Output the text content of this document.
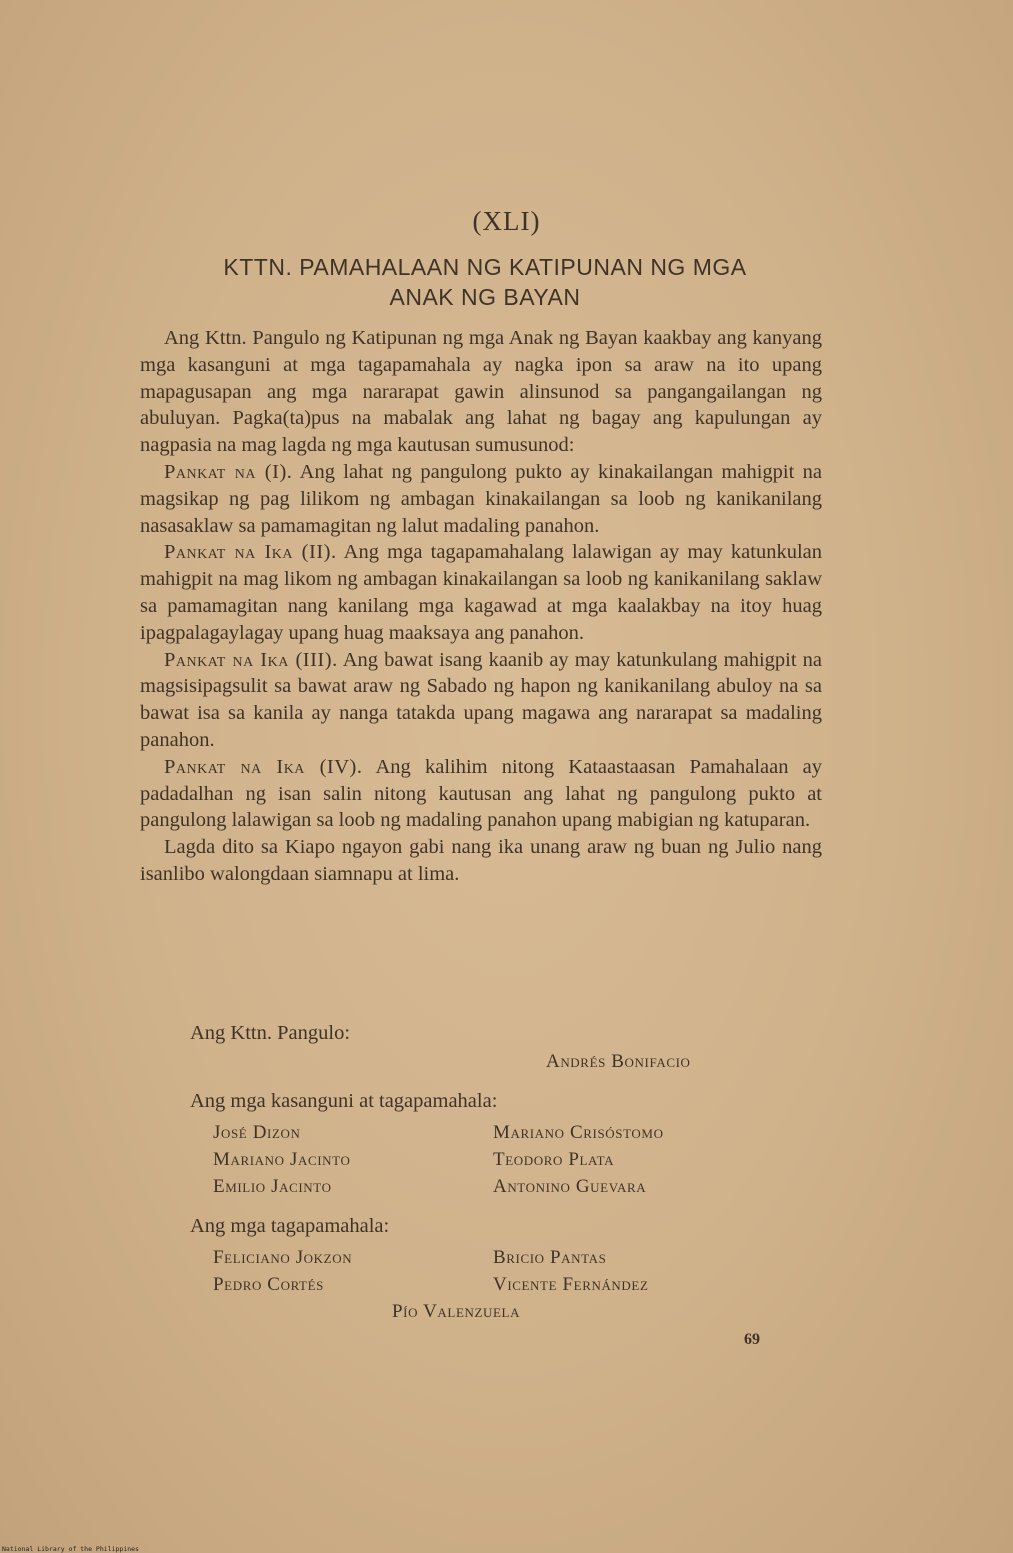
(XLI)
KTTN. PAMAHALAAN NG KATIPUNAN NG MGA
ANAK NG BAYAN

Ang Kttn. Pangulo ng Katipunan ng mga Anak ng Bayan kaakbay ang kanyang mga kasanguni at mga tagapamahala ay nagka ipon sa araw na ito upang mapagusapan ang mga nararapat gawin alinsunod sa pangangailangan ng abuluyan. Pagka(ta)pus na mabalak ang lahat ng bagay ang kapulungan ay nagpasia na mag lagda ng mga kautusan sumusunod:

Pankat na (I). Ang lahat ng pangulong pukto ay kinakailangan mahigpit na magsikap ng pag lilikom ng ambagan kinakailangan sa loob ng kanikanilang nasasaklaw sa pamamagitan ng lalut madaling panahon.

Pankat na Ika (II). Ang mga tagapamahalang lalawigan ay may katunkulan mahigpit na mag likom ng ambagan kinakailangan sa loob ng kanikanilang saklaw sa pamamagitan nang kanilang mga kagawad at mga kaalakbay na itoy huag ipagpalagaylagay upang huag maaksaya ang panahon.

Pankat na Ika (III). Ang bawat isang kaanib ay may katunkulang mahigpit na magsisipagsulit sa bawat araw ng Sabado ng hapon ng kanikanilang abuloy na sa bawat isa sa kanila ay nanga tatakda upang magawa ang nararapat sa madaling panahon.

Pankat na Ika (IV). Ang kalihim nitong Kataastaasan Pamahalaan ay padadalhan ng isan salin nitong kautusan ang lahat ng pangulong pukto at pangulong lalawigan sa loob ng madaling panahon upang mabigian ng katuparan.

Lagda dito sa Kiapo ngayon gabi nang ika unang araw ng buan ng Julio nang isanlibo walongdaan siamnapu at lima.

Ang Kttn. Pangulo:
Andrés Bonifacio
Ang mga kasanguni at tagapamahala:
José Dizon	Mariano Crisóstomo
Mariano Jacinto	Teodoro Plata
Emilio Jacinto	Antonino Guevara
Ang mga tagapamahala:
Feliciano Jokzon	Bricio Pantas
Pedro Cortés	Vicente Fernández
Pío Valenzuela
69
National Library of the Philippines
